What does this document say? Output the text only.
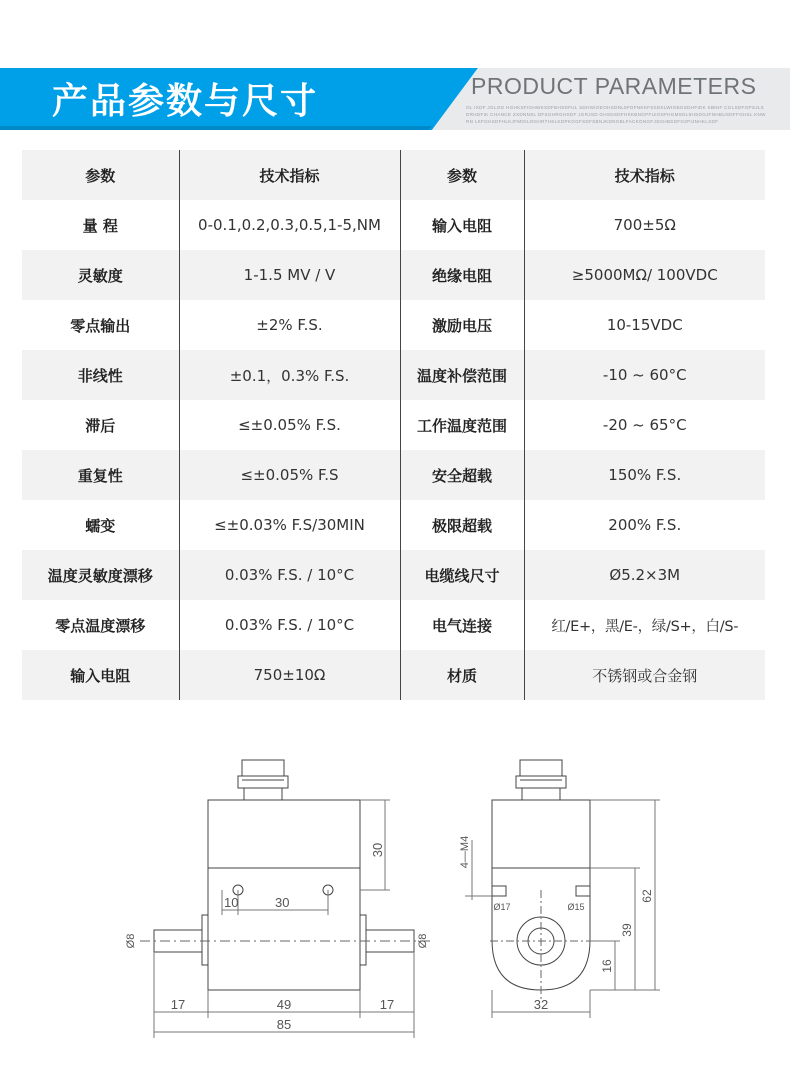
产品参数与尺寸	PRODUCT PARAMETERS
OL IXDF JGLOG HGHKSFIGHWKSDFBHSDFUL SDHWIOEOHSDNL5FDFNKKFSSDKLWIGBGSDHFIDK KBNIF CGLSDFOPSJLSDRHDFIK CHANCE ZXDNNSL DFSGHRGHSDF JGRJSD GHSDSDFHKKBNGPFUIOSFHGMSDL5HSDGJFNHBUSDFFGHSL KNWRN LKFGHSDFHLKJFMOILOGHRTHSLKDPKGGFSDFSBNJKDNGBLFACKGNGFJSGHBSDFG2PIJNHKLSDF
参数	技术指标	参数	技术指标
量 程	0-0.1,0.2,0.3,0.5,1-5,NM	输入电阻	700±5Ω
灵敏度	1-1.5 MV / V	绝缘电阻	≥5000MΩ/ 100VDC
零点输出	±2% F.S.	激励电压	10-15VDC
非线性	±0.1，0.3% F.S.	温度补偿范围	-10 ~ 60°C
滞后	≤±0.05% F.S.	工作温度范围	-20 ~ 65°C
重复性	≤±0.05% F.S	安全超载	150% F.S.
蠕变	≤±0.03% F.S/30MIN	极限超载	200% F.S.
温度灵敏度漂移	0.03% F.S. / 10°C	电缆线尺寸	Ø5.2×3M
零点温度漂移	0.03% F.S. / 10°C	电气连接	红/E+，黑/E-，绿/S+，白/S-
输入电阻	750±10Ω	材质	不锈钢或合金钢
30
10	30
Ø8	Ø8
17	49	17
85
4—M4
Ø17	Ø15
62
39
16
32
